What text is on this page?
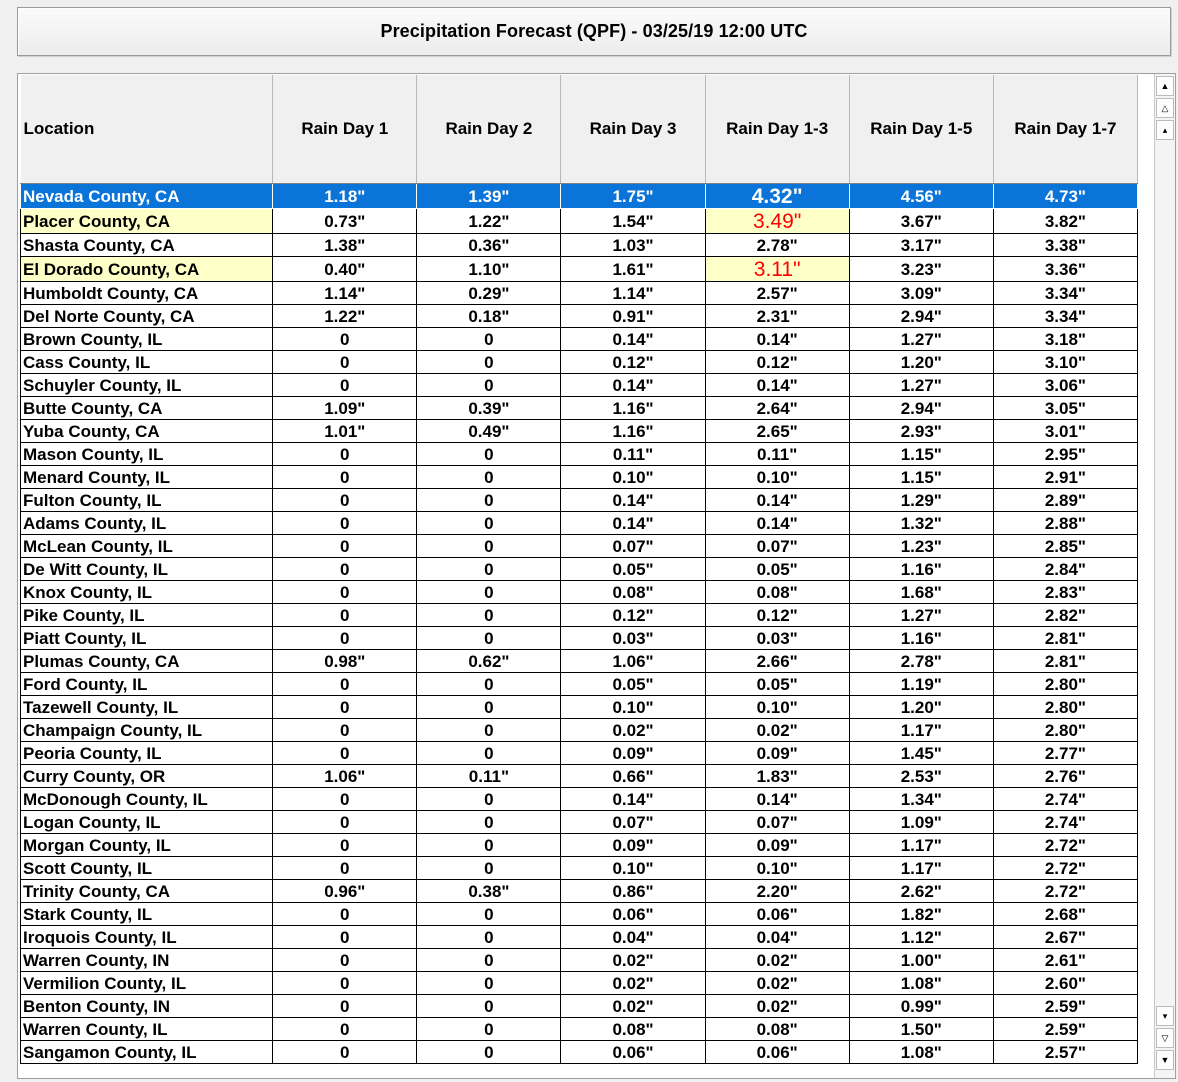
Precipitation Forecast (QPF) - 03/25/19 12:00 UTC
Location	Rain Day 1	Rain Day 2	Rain Day 3	Rain Day 1-3	Rain Day 1-5	Rain Day 1-7
Nevada County, CA	1.18"	1.39"	1.75"	4.32"	4.56"	4.73"
Placer County, CA	0.73"	1.22"	1.54"	3.49"	3.67"	3.82"
Shasta County, CA	1.38"	0.36"	1.03"	2.78"	3.17"	3.38"
El Dorado County, CA	0.40"	1.10"	1.61"	3.11"	3.23"	3.36"
Humboldt County, CA	1.14"	0.29"	1.14"	2.57"	3.09"	3.34"
Del Norte County, CA	1.22"	0.18"	0.91"	2.31"	2.94"	3.34"
Brown County, IL	0	0	0.14"	0.14"	1.27"	3.18"
Cass County, IL	0	0	0.12"	0.12"	1.20"	3.10"
Schuyler County, IL	0	0	0.14"	0.14"	1.27"	3.06"
Butte County, CA	1.09"	0.39"	1.16"	2.64"	2.94"	3.05"
Yuba County, CA	1.01"	0.49"	1.16"	2.65"	2.93"	3.01"
Mason County, IL	0	0	0.11"	0.11"	1.15"	2.95"
Menard County, IL	0	0	0.10"	0.10"	1.15"	2.91"
Fulton County, IL	0	0	0.14"	0.14"	1.29"	2.89"
Adams County, IL	0	0	0.14"	0.14"	1.32"	2.88"
McLean County, IL	0	0	0.07"	0.07"	1.23"	2.85"
De Witt County, IL	0	0	0.05"	0.05"	1.16"	2.84"
Knox County, IL	0	0	0.08"	0.08"	1.68"	2.83"
Pike County, IL	0	0	0.12"	0.12"	1.27"	2.82"
Piatt County, IL	0	0	0.03"	0.03"	1.16"	2.81"
Plumas County, CA	0.98"	0.62"	1.06"	2.66"	2.78"	2.81"
Ford County, IL	0	0	0.05"	0.05"	1.19"	2.80"
Tazewell County, IL	0	0	0.10"	0.10"	1.20"	2.80"
Champaign County, IL	0	0	0.02"	0.02"	1.17"	2.80"
Peoria County, IL	0	0	0.09"	0.09"	1.45"	2.77"
Curry County, OR	1.06"	0.11"	0.66"	1.83"	2.53"	2.76"
McDonough County, IL	0	0	0.14"	0.14"	1.34"	2.74"
Logan County, IL	0	0	0.07"	0.07"	1.09"	2.74"
Morgan County, IL	0	0	0.09"	0.09"	1.17"	2.72"
Scott County, IL	0	0	0.10"	0.10"	1.17"	2.72"
Trinity County, CA	0.96"	0.38"	0.86"	2.20"	2.62"	2.72"
Stark County, IL	0	0	0.06"	0.06"	1.82"	2.68"
Iroquois County, IL	0	0	0.04"	0.04"	1.12"	2.67"
Warren County, IN	0	0	0.02"	0.02"	1.00"	2.61"
Vermilion County, IL	0	0	0.02"	0.02"	1.08"	2.60"
Benton County, IN	0	0	0.02"	0.02"	0.99"	2.59"
Warren County, IL	0	0	0.08"	0.08"	1.50"	2.59"
Sangamon County, IL	0	0	0.06"	0.06"	1.08"	2.57"
▲
△
▴
▾
▽
▼
